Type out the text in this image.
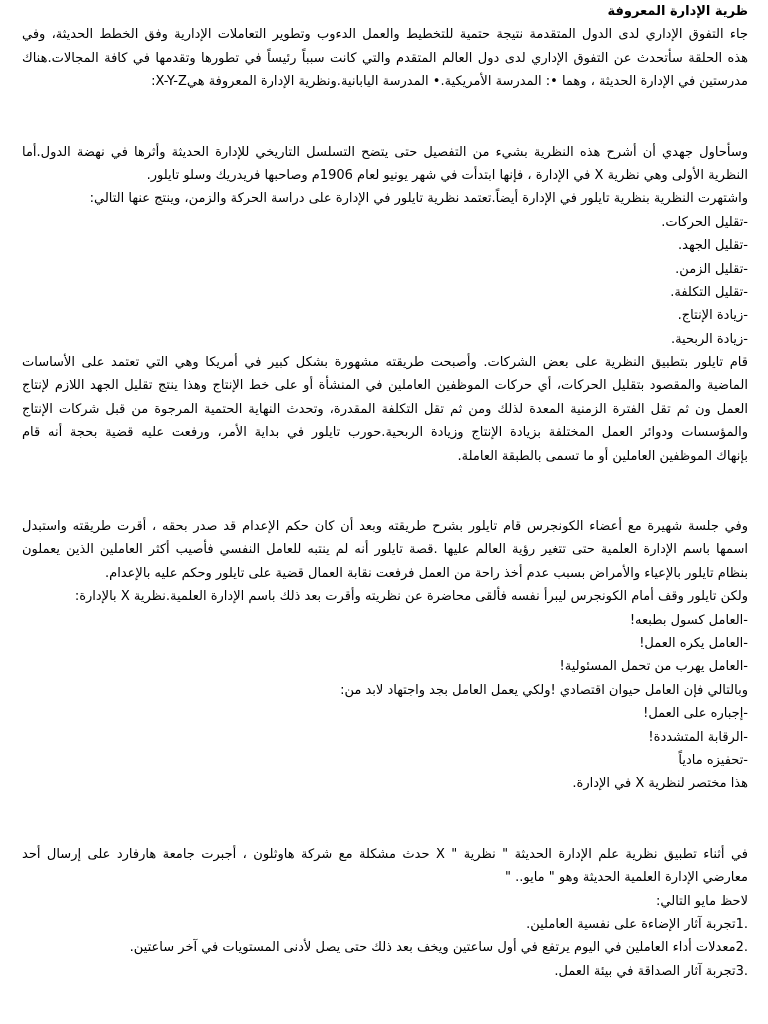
ظرية الإدارة المعروفة
جاء التفوق الإداري لدى الدول المتقدمة نتيجة حتمية للتخطيط والعمل الدءوب وتطوير التعاملات الإدارية وفق الخطط الحديثة، وفي
هذه الحلقة سأتحدث عن التفوق الإداري لدى دول العالم المتقدم والتي كانت سبباً رئيساً في تطورها وتقدمها في كافة المجالات.هناك
مدرستين في الإدارة الحديثة ، وهما •: المدرسة الأمريكية.• المدرسة اليابانية.ونظرية الإدارة المعروفة هيX-Y-Z:
وسأحاول جهدي أن أشرح هذه النظرية بشيء من التفصيل حتى يتضح التسلسل التاريخي للإدارة الحديثة وأثرها في نهضة الدول.أما
النظرية الأولى وهي نظرية X في الإدارة ، فإنها ابتدأت في شهر يونيو لعام 1906م وصاحبها فريدريك وسلو تايلور.
واشتهرت النظرية بنظرية تايلور في الإدارة أيضاً.تعتمد نظرية تايلور في الإدارة على دراسة الحركة والزمن، وينتج عنها التالي:
-تقليل الحركات.
-تقليل الجهد.
-تقليل الزمن.
-تقليل التكلفة.
-زيادة الإنتاج.
-زيادة الربحية.
قام تايلور بتطبيق النظرية على بعض الشركات. وأصبحت طريقته مشهورة بشكل كبير في أمريكا وهي التي تعتمد على الأساسات
الماضية والمقصود بتقليل الحركات، أي حركات الموظفين العاملين في المنشأة أو على خط الإنتاج وهذا ينتج تقليل الجهد اللازم لإنتاج
العمل ون ثم تقل الفترة الزمنية المعدة لذلك ومن ثم تقل التكلفة المقدرة، وتحدث النهاية الحتمية المرجوة من قبل شركات الإنتاج
والمؤسسات ودوائر العمل المختلفة بزيادة الإنتاج وزيادة الربحية.حورب تايلور في بداية الأمر، ورفعت عليه قضية بحجة أنه قام
بإنهاك الموظفين العاملين أو ما تسمى بالطبقة العاملة.
وفي جلسة شهيرة مع أعضاء الكونجرس قام تايلور بشرح طريقته وبعد أن كان حكم الإعدام قد صدر بحقه ، أقرت طريقته واستبدل
اسمها باسم الإدارة العلمية حتى تتغير رؤية العالم عليها .قصة تايلور أنه لم ينتبه للعامل النفسي فأصيب أكثر العاملين الذين يعملون
بنظام تايلور بالإعياء والأمراض بسبب عدم أخذ راحة من العمل فرفعت نقابة العمال قضية على تايلور وحكم عليه بالإعدام.
ولكن تايلور وقف أمام الكونجرس ليبرأ نفسه فألقى محاضرة عن نظريته وأقرت بعد ذلك باسم الإدارة العلمية.نظرية X بالإدارة:
-العامل كسول بطبعه!
-العامل يكره العمل!
-العامل يهرب من تحمل المسئولية!
وبالتالي فإن العامل حيوان اقتصادي !ولكي يعمل العامل بجد واجتهاد لابد من:
-إجباره على العمل!
-الرقابة المتشددة!
-تحفيزه مادياً
هذا مختصر لنظرية X في الإدارة.
في أثناء تطبيق نظرية علم الإدارة الحديثة " نظرية " X حدث مشكلة مع شركة هاوثلون ، أجبرت جامعة هارفارد على إرسال أحد
معارضي الإدارة العلمية الحديثة وهو " مايو.. "
لاحظ مايو التالي:
.1تجربة آثار الإضاءة على نفسية العاملين.
.2معدلات أداء العاملين في اليوم يرتفع في أول ساعتين ويخف بعد ذلك حتى يصل لأدنى المستويات في آخر ساعتين.
.3تجربة آثار الصداقة في بيئة العمل.
